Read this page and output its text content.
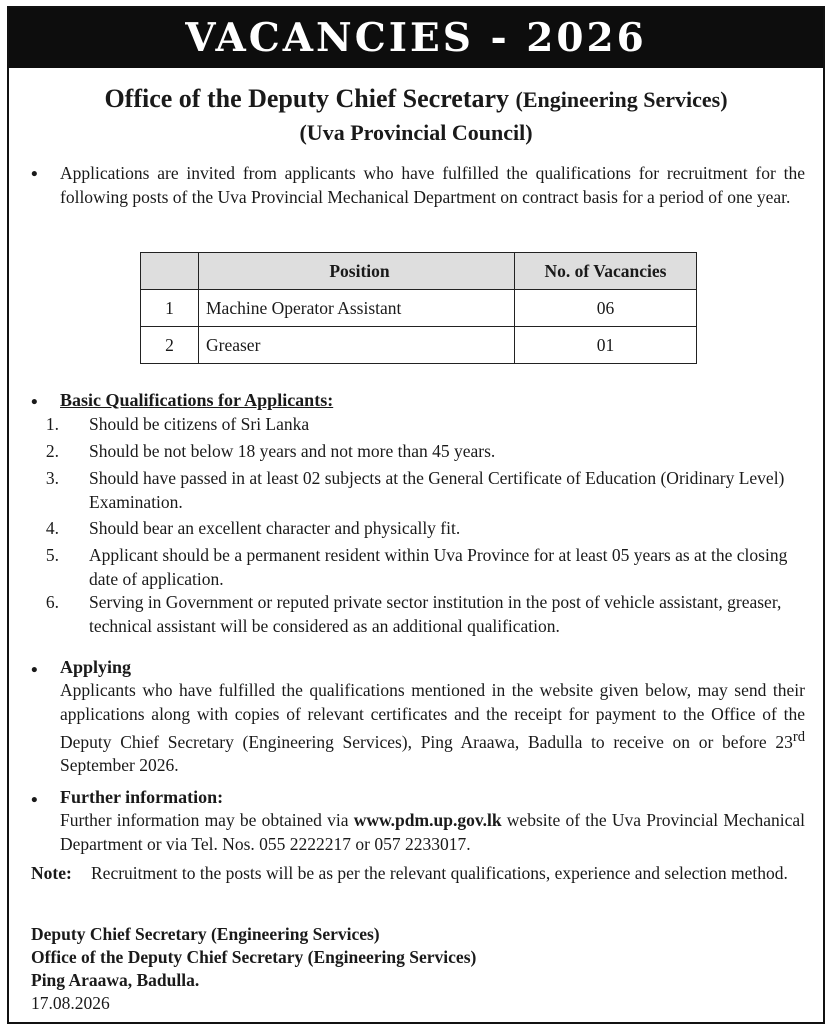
VACANCIES - 2026
Office of the Deputy Chief Secretary (Engineering Services)
(Uva Provincial Council)
• Applications are invited from applicants who have fulfilled the qualifications for recruitment for the following posts of the Uva Provincial Mechanical Department on contract basis for a period of one year.
	Position	No. of Vacancies
1	Machine Operator Assistant	06
2	Greaser	01
• Basic Qualifications for Applicants:
1. Should be citizens of Sri Lanka
2. Should be not below 18 years and not more than 45 years.
3. Should have passed in at least 02 subjects at the General Certificate of Education (Oridinary Level) Examination.
4. Should bear an excellent character and physically fit.
5. Applicant should be a permanent resident within Uva Province for at least 05 years as at the closing date of application.
6. Serving in Government or reputed private sector institution in the post of vehicle assistant, greaser, technical assistant will be considered as an additional qualification.
• Applying
Applicants who have fulfilled the qualifications mentioned in the website given below, may send their applications along with copies of relevant certificates and the receipt for payment to the Office of the Deputy Chief Secretary (Engineering Services), Ping Araawa, Badulla to receive on or before 23rd September 2026.
• Further information:
Further information may be obtained via www.pdm.up.gov.lk website of the Uva Provincial Mechanical Department or via Tel. Nos. 055 2222217 or 057 2233017.
Note: Recruitment to the posts will be as per the relevant qualifications, experience and selection method.
Deputy Chief Secretary (Engineering Services)
Office of the Deputy Chief Secretary (Engineering Services)
Ping Araawa, Badulla.
17.08.2026
